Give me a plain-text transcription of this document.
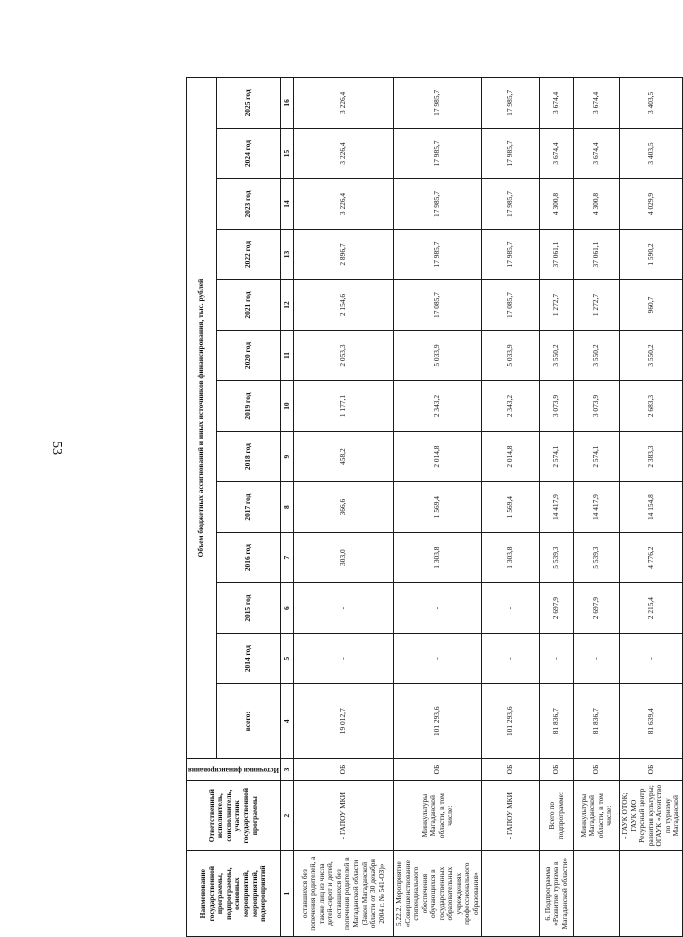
53
Наименование государственной программы, подпрограммы, основных мероприятий, мероприятий, подмероприятий	Ответственный исполнитель, соисполнитель, участник государственной программы	Источники финансирования	Объем бюджетных ассигнований и иных источников финансирования, тыс. рублей												
			всего:	2014 год	2015 год	2016 год	2017 год	2018 год	2019 год	2020 год	2021 год	2022 год	2023 год	2024 год	2025 год
1	2	3	4	5	6	7	8	9	10	11	12	13	14	15	16
оставшихся без попечения родителей, а также лиц из числа детей-сирот и детей, оставшихся без попечения родителей в Магаданской области (Закон Магаданской области от 30 декабря 2004 г. № 541-ОЗ)»	- ГАПОУ МКИ	ОБ	19 012,7	-	-	303,0	366,6	458,2	1 177,1	2 053,3	2 154,6	2 896,7	3 226,4	3 226,4	3 226,4
5.22.2. Мероприятие «Совершенствование стипендиального обеспечения обучающихся в государственных образовательных учреждениях профессионального образования»	Минкультуры Магаданской области, в том числе:	ОБ	101 293,6	-	-	1 303,8	1 569,4	2 014,8	2 343,2	5 033,9	17 085,7	17 985,7	17 985,7	17 985,7	17 985,7
	- ГАПОУ МКИ	ОБ	101 293,6	-	-	1 303,8	1 569,4	2 014,8	2 343,2	5 033,9	17 085,7	17 985,7	17 985,7	17 985,7	17 985,7
6. Подпрограмма «Развитие туризма в Магаданской области»	Всего по подпрограмме:	ОБ	81 836,7	-	2 697,9	5 539,3	14 417,9	2 574,1	3 073,9	3 550,2	1 272,7	37 061,1	4 300,8	3 674,4	3 674,4
	Минкультуры Магаданской области, в том числе:	ОБ	81 836,7	-	2 697,9	5 539,3	14 417,9	2 574,1	3 073,9	3 550,2	1 272,7	37 061,1	4 300,8	3 674,4	3 674,4
	- ГАУК ОТОК; ГАУК МО Ресурсный центр развития культуры; ОГАУК «Агентство по туризму Магаданской	ОБ	81 639,4	-	2 215,4	4 776,2	14 154,8	2 383,3	2 683,3	3 550,2	960,7	1 590,2	4 029,9	3 403,5	3 403,5
